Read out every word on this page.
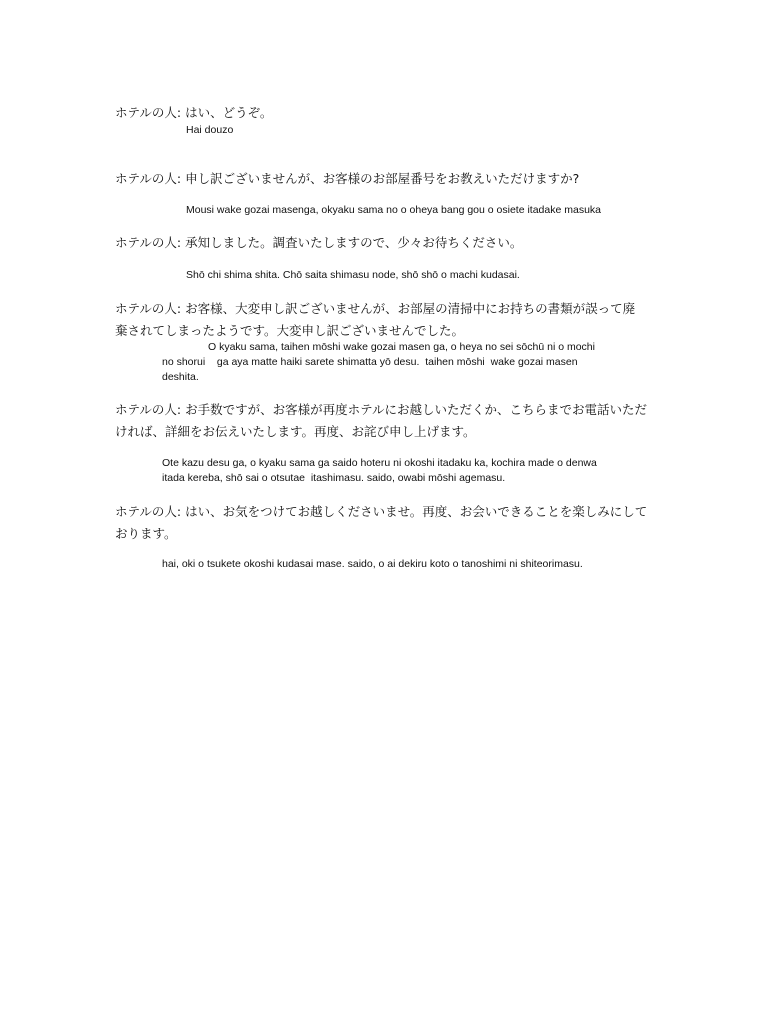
ホテルの人: はい、どうぞ。
Hai douzo
ホテルの人: 申し訳ございませんが、お客様のお部屋番号をお教えいただけますか?
Mousi wake gozai masenga, okyaku sama no o oheya bang gou o osiete itadake masuka
ホテルの人: 承知しました。調査いたしますので、少々お待ちください。
Shō chi shima shita. Chō saita shimasu node, shō shō o machi kudasai.
ホテルの人: お客様、大変申し訳ございませんが、お部屋の清掃中にお持ちの書類が誤って廃棄されてしまったようです。大変申し訳ございませんでした。
O kyaku sama, taihen mōshi wake gozai masen ga, o heya no sei sōchū ni o mochi
no shorui    ga aya matte haiki sarete shimatta yō desu.  taihen mōshi  wake gozai masen
deshita.
ホテルの人: お手数ですが、お客様が再度ホテルにお越しいただくか、こちらまでお電話いただければ、詳細をお伝えいたします。再度、お詫び申し上げます。
Ote kazu desu ga, o kyaku sama ga saido hoteru ni okoshi itadaku ka, kochira made o denwa
itada kereba, shō sai o otsutae  itashimasu. saido, owabi mōshi agemasu.
ホテルの人: はい、お気をつけてお越しくださいませ。再度、お会いできることを楽しみにしております。
hai, oki o tsukete okoshi kudasai mase. saido, o ai dekiru koto o tanoshimi ni shiteorimasu.
